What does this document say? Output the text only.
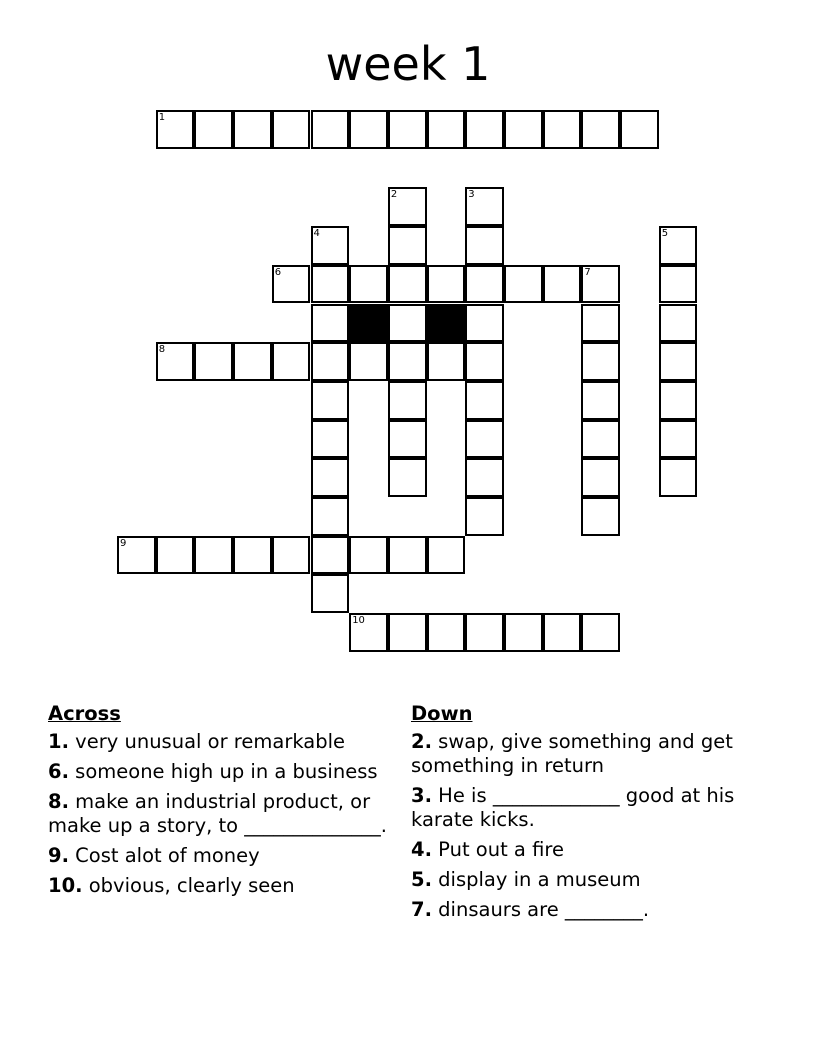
week 1
1
2	3
4	5
6	7
8
9
10
Across
1. very unusual or remarkable
6. someone high up in a business
8. make an industrial product, or make up a story, to ______________.
9. Cost alot of money
10. obvious, clearly seen
Down
2. swap, give something and get something in return
3. He is _____________ good at his karate kicks.
4. Put out a fire
5. display in a museum
7. dinsaurs are ________.
